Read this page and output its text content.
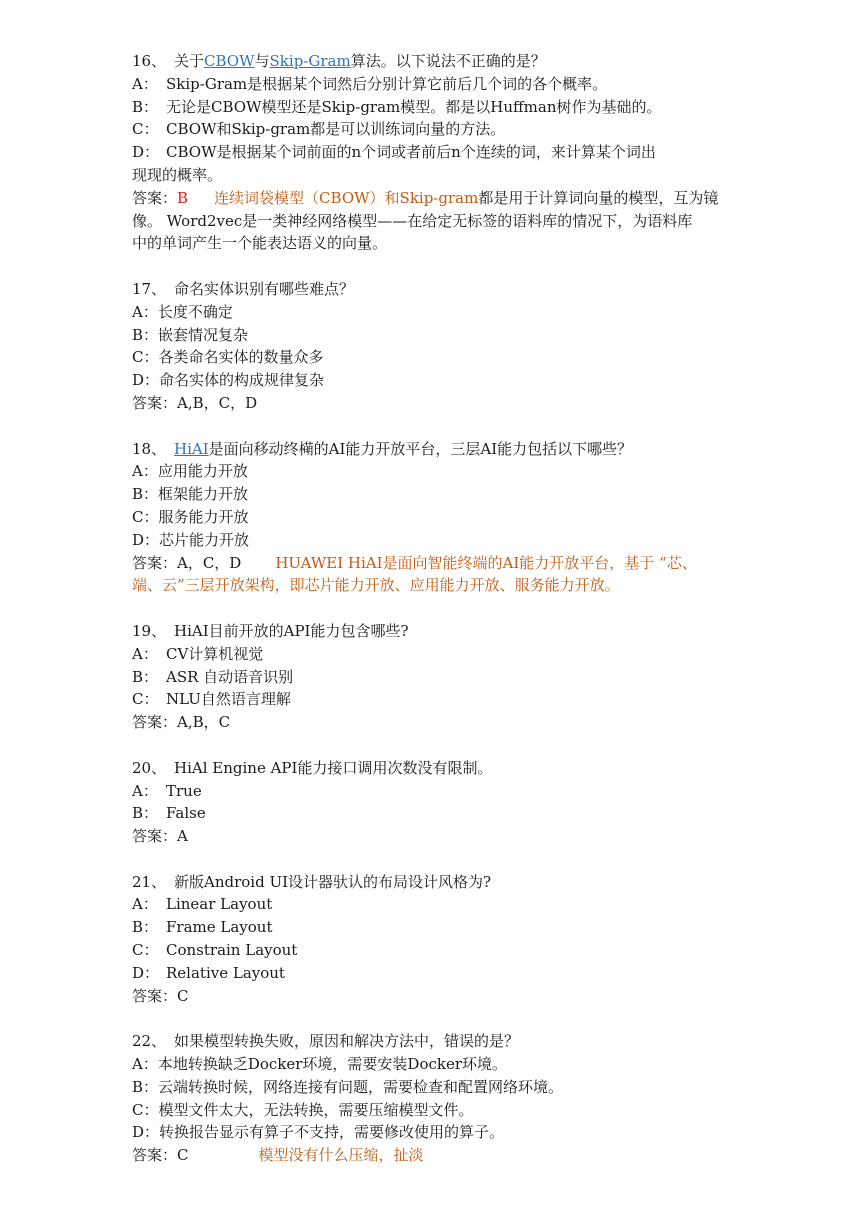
16、 关于CBOW与Skip-Gram算法。以下说法不正确的是？
A： Skip-Gram是根据某个词然后分别计算它前后几个词的各个概率。
B： 无论是CBOW模型还是Skip-gram模型。都是以Huffman树作为基础的。
C： CBOW和Skip-gram都是可以训练词向量的方法。
D： CBOW是根据某个词前面的n个词或者前后n个连续的词，来计算某个词出
现现的概率。
答案：B 连续词袋模型（CBOW）和Skip-gram都是用于计算词向量的模型，互为镜
像。 Word2vec是一类神经网络模型——在给定无标签的语料库的情况下，为语料库
中的单词产生一个能表达语义的向量。
17、 命名实体识别有哪些难点？
A：长度不确定
B：嵌套情况复杂
C：各类命名实体的数量众多
D：命名实体的构成规律复杂
答案：A,B，C，D
18、 HiAI是面向移动终橗的AI能力开放平台，三层AI能力包括以下哪些？
A：应用能力开放
B：框架能力开放
C：服务能力开放
D：芯片能力开放
答案：A，C，D HUAWEI HiAI是面向智能终端的AI能力开放平台，基于 “芯、
端、云”三层开放架构，即芯片能力开放、应用能力开放、服务能力开放。
19、 HiAI目前开放的API能力包含哪些?
A： CV计算机视觉
B： ASR 自动语音识别
C： NLU自然语言理解
答案：A,B，C
20、 HiAl Engine API能力接口调用次数没有限制。
A： True
B： False
答案：A
21、 新版Android UI设计器驮认的布局设计风格为?
A： Linear Layout
B： Frame Layout
C： Constrain Layout
D： Relative Layout
答案：C
22、 如果模型转换失败，原因和解决方法中，错误的是？
A：本地转换缺乏Docker环境，需要安装Docker环境。
B：云端转换时候，网络连接有问题，需要检查和配置网络环境。
C：模型文件太大，无法转换，需要压缩模型文件。
D：转换报告显示有算子不支持，需要修改使用的算子。
答案：C	模型没有什么压缩，扯淡
